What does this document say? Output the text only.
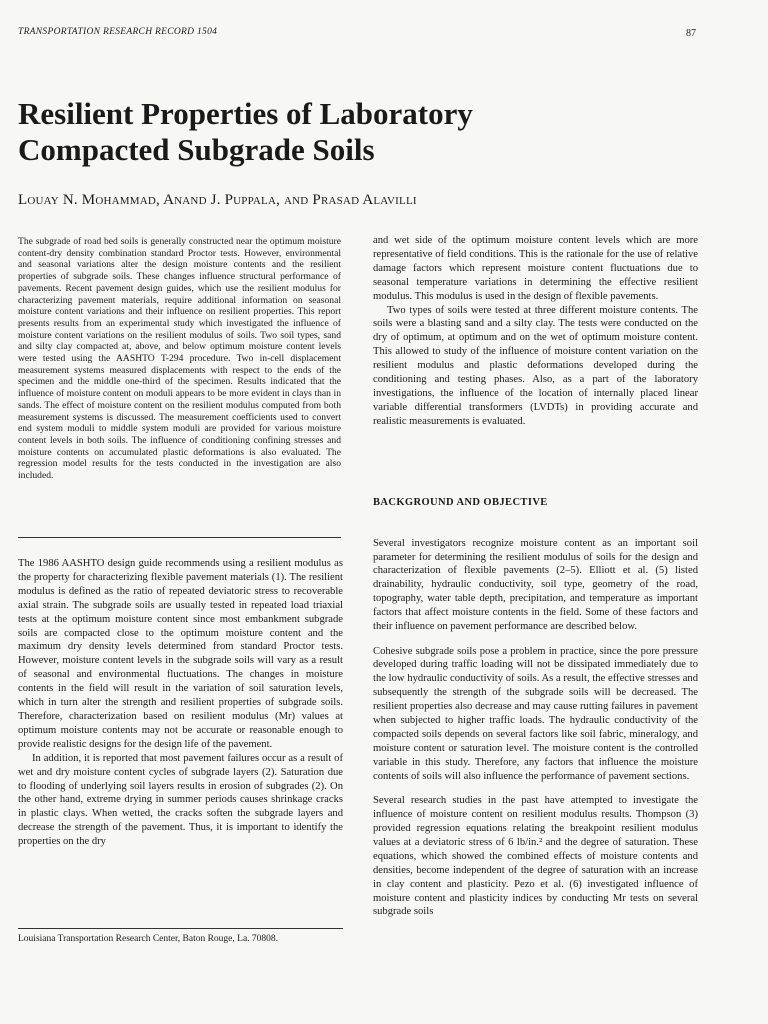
TRANSPORTATION RESEARCH RECORD 1504	87
Resilient Properties of Laboratory Compacted Subgrade Soils
Louay N. Mohammad, Anand J. Puppala, and Prasad Alavilli
The subgrade of road bed soils is generally constructed near the optimum moisture content-dry density combination standard Proctor tests. However, environmental and seasonal variations alter the design moisture contents and the resilient properties of subgrade soils. These changes influence structural performance of pavements. Recent pavement design guides, which use the resilient modulus for characterizing pavement materials, require additional information on seasonal moisture content variations and their influence on resilient properties. This report presents results from an experimental study which investigated the influence of moisture content variations on the resilient modulus of soils. Two soil types, sand and silty clay compacted at, above, and below optimum moisture content levels were tested using the AASHTO T-294 procedure. Two in-cell displacement measurement systems measured displacements with respect to the ends of the specimen and the middle one-third of the specimen. Results indicated that the influence of moisture content on moduli appears to be more evident in clays than in sands. The effect of moisture content on the resilient modulus computed from both measurement systems is discussed. The measurement coefficients used to convert end system moduli to middle system moduli are provided for various moisture content levels in both soils. The influence of conditioning confining stresses and moisture contents on accumulated plastic deformations is also evaluated. The regression model results for the tests conducted in the investigation are also included.

The 1986 AASHTO design guide recommends using a resilient modulus as the property for characterizing flexible pavement materials (1). The resilient modulus is defined as the ratio of repeated deviatoric stress to recoverable axial strain. The subgrade soils are usually tested in repeated load triaxial tests at the optimum moisture content since most embankment subgrade soils are compacted close to the optimum moisture content and the maximum dry density levels determined from standard Proctor tests. However, moisture content levels in the subgrade soils will vary as a result of seasonal and environmental fluctuations. The changes in moisture contents in the field will result in the variation of soil saturation levels, which in turn alter the strength and resilient properties of subgrade soils. Therefore, characterization based on resilient modulus (Mr) values at optimum moisture contents may not be accurate or reasonable enough to provide realistic designs for the design life of the pavement.

In addition, it is reported that most pavement failures occur as a result of wet and dry moisture content cycles of subgrade layers (2). Saturation due to flooding of underlying soil layers results in erosion of subgrades (2). On the other hand, extreme drying in summer periods causes shrinkage cracks in plastic clays. When wetted, the cracks soften the subgrade layers and decrease the strength of the pavement. Thus, it is important to identify the properties on the dry

Louisiana Transportation Research Center, Baton Rouge, La. 70808.

and wet side of the optimum moisture content levels which are more representative of field conditions. This is the rationale for the use of relative damage factors which represent moisture content fluctuations due to seasonal temperature variations in determining the effective resilient modulus. This modulus is used in the design of flexible pavements.

Two types of soils were tested at three different moisture contents. The soils were a blasting sand and a silty clay. The tests were conducted on the dry of optimum, at optimum and on the wet of optimum moisture content. This allowed to study of the influence of moisture content variation on the resilient modulus and plastic deformations developed during the conditioning and testing phases. Also, as a part of the laboratory investigations, the influence of the location of internally placed linear variable differential transformers (LVDTs) in providing accurate and realistic measurements is evaluated.

BACKGROUND AND OBJECTIVE

Several investigators recognize moisture content as an important soil parameter for determining the resilient modulus of soils for the design and characterization of flexible pavements (2–5). Elliott et al. (5) listed drainability, hydraulic conductivity, soil type, geometry of the road, topography, water table depth, precipitation, and temperature as important factors that affect moisture contents in the field. Some of these factors and their influence on pavement performance are described below.

Cohesive subgrade soils pose a problem in practice, since the pore pressure developed during traffic loading will not be dissipated immediately due to the low hydraulic conductivity of soils. As a result, the effective stresses and subsequently the strength of the subgrade soils will be decreased. The resilient properties also decrease and may cause rutting failures in pavement when subjected to higher traffic loads. The hydraulic conductivity of the compacted soils depends on several factors like soil fabric, mineralogy, and moisture content or saturation level. The moisture content is the controlled variable in this study. Therefore, any factors that influence the moisture contents of soils will also influence the performance of pavement sections.

Several research studies in the past have attempted to investigate the influence of moisture content on resilient modulus results. Thompson (3) provided regression equations relating the breakpoint resilient modulus values at a deviatoric stress of 6 lb/in.² and the degree of saturation. These equations, which showed the combined effects of moisture contents and densities, become independent of the degree of saturation with an increase in clay content and plasticity. Pezo et al. (6) investigated influence of moisture content and plasticity indices by conducting Mr tests on several subgrade soils
